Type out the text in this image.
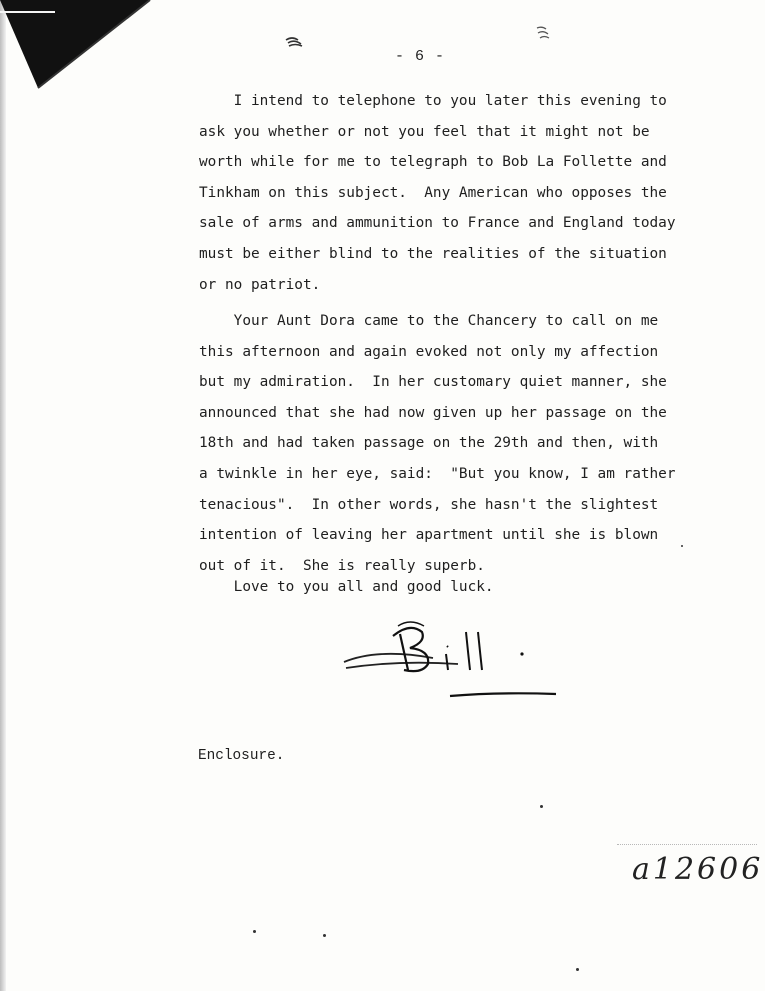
- 6 -
I intend to telephone to you later this evening to
ask you whether or not you feel that it might not be
worth while for me to telegraph to Bob La Follette and
Tinkham on this subject.  Any American who opposes the
sale of arms and ammunition to France and England today
must be either blind to the realities of the situation
or no patriot.
Your Aunt Dora came to the Chancery to call on me
this afternoon and again evoked not only my affection
but my admiration.  In her customary quiet manner, she
announced that she had now given up her passage on the
18th and had taken passage on the 29th and then, with
a twinkle in her eye, said:  "But you know, I am rather
tenacious".  In other words, she hasn't the slightest
intention of leaving her apartment until she is blown
out of it.  She is really superb.
Love to you all and good luck.
Enclosure.
a12606
